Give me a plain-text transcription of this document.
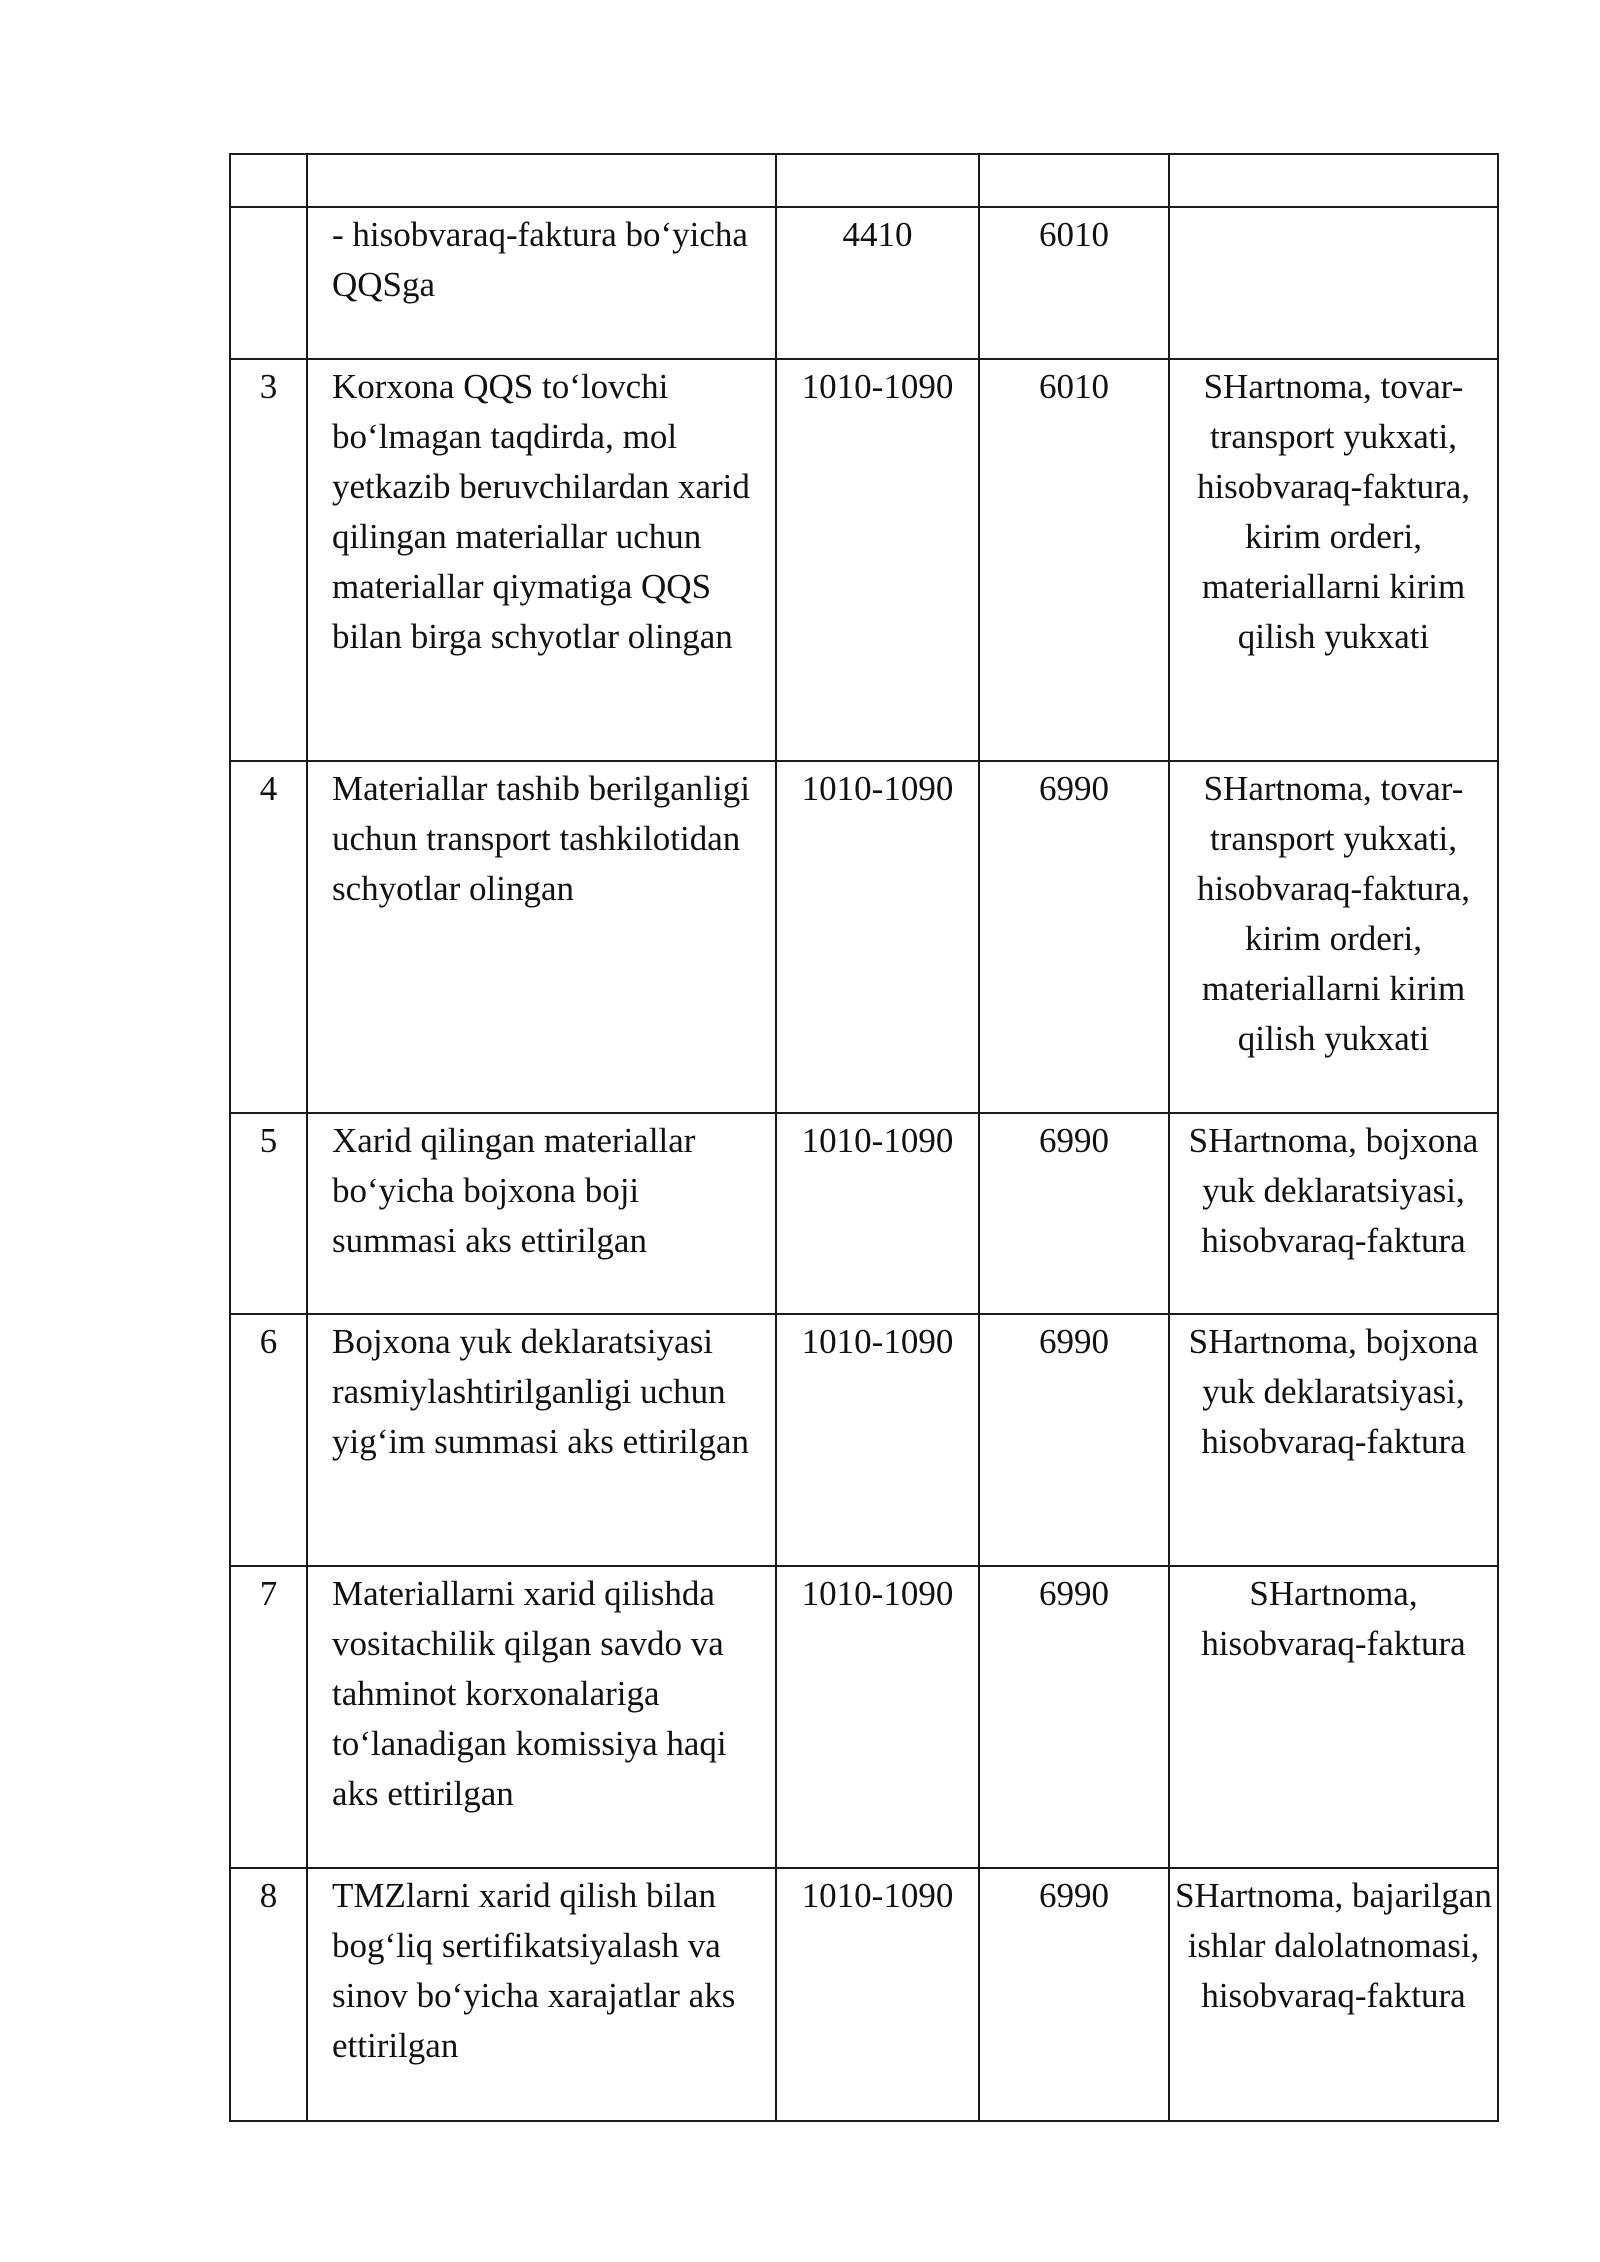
	- hisobvaraq-faktura bo‘yicha QQSga	4410	6010	

3	Korxona QQS to‘lovchi bo‘lmagan taqdirda, mol yetkazib beruvchilardan xarid qilingan materiallar uchun materiallar qiymatiga QQS bilan birga schyotlar olingan	1010-1090	6010	SHartnoma, tovar-transport yukxati, hisobvaraq-faktura, kirim orderi, materiallarni kirim qilish yukxati

4	Materiallar tashib berilganligi uchun transport tashkilotidan schyotlar olingan	1010-1090	6990	SHartnoma, tovar-transport yukxati, hisobvaraq-faktura, kirim orderi, materiallarni kirim qilish yukxati

5	Xarid qilingan materiallar bo‘yicha bojxona boji summasi aks ettirilgan	1010-1090	6990	SHartnoma, bojxona yuk deklaratsiyasi, hisobvaraq-faktura

6	Bojxona yuk deklaratsiyasi rasmiylashtirilganligi uchun yig‘im summasi aks ettirilgan	1010-1090	6990	SHartnoma, bojxona yuk deklaratsiyasi, hisobvaraq-faktura

7	Materiallarni xarid qilishda vositachilik qilgan savdo va tahminot korxonalariga to‘lanadigan komissiya haqi aks ettirilgan	1010-1090	6990	SHartnoma, hisobvaraq-faktura

8	TMZlarni xarid qilish bilan bog‘liq sertifikatsiyalash va sinov bo‘yicha xarajatlar aks ettirilgan	1010-1090	6990	SHartnoma, bajarilgan ishlar dalolatnomasi, hisobvaraq-faktura
